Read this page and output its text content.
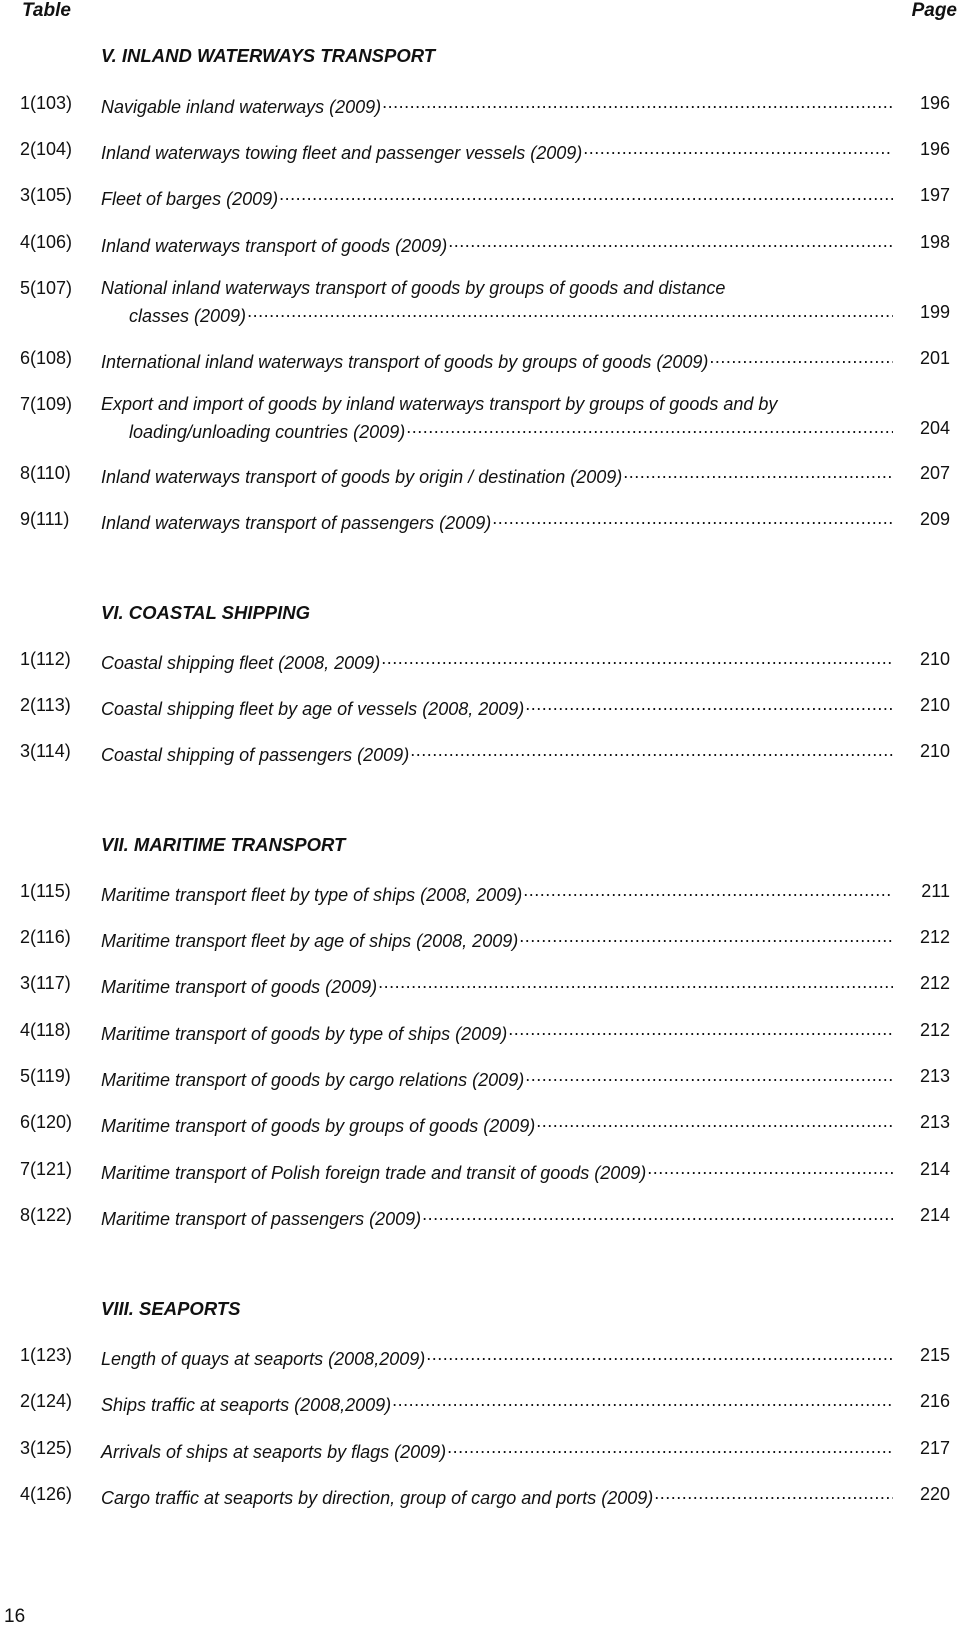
Table	Page
V. INLAND WATERWAYS TRANSPORT
1(103) Navigable inland waterways (2009) .....	196
2(104) Inland waterways towing fleet and passenger vessels (2009) .....	196
3(105) Fleet of barges (2009) .....	197
4(106) Inland waterways transport of goods (2009) .....	198
5(107) National inland waterways transport of goods by groups of goods and distance
classes (2009) .....	199
6(108) International inland waterways transport of goods by groups of goods (2009) .....	201
7(109) Export and import of goods by inland waterways transport by groups of goods and by
loading/unloading countries (2009) .....	204
8(110) Inland waterways transport of goods by origin / destination (2009) .....	207
9(111) Inland waterways transport of passengers (2009) .....	209
VI. COASTAL SHIPPING
1(112) Coastal shipping fleet (2008, 2009) .....	210
2(113) Coastal shipping fleet by age of vessels (2008, 2009) .....	210
3(114) Coastal shipping of passengers (2009) .....	210
VII. MARITIME TRANSPORT
1(115) Maritime transport fleet by type of ships (2008, 2009) .....	211
2(116) Maritime transport fleet by age of ships (2008, 2009) .....	212
3(117) Maritime transport of goods (2009) .....	212
4(118) Maritime transport of goods by type of ships (2009) .....	212
5(119) Maritime transport of goods by cargo relations (2009) .....	213
6(120) Maritime transport of goods by groups of goods (2009) .....	213
7(121) Maritime transport of Polish foreign trade and transit of goods (2009) .....	214
8(122) Maritime transport of passengers (2009) .....	214
VIII. SEAPORTS
1(123) Length of quays at seaports (2008,2009) .....	215
2(124) Ships traffic at seaports (2008,2009) .....	216
3(125) Arrivals of ships at seaports by flags (2009) .....	217
4(126) Cargo traffic at seaports by direction, group of cargo and ports (2009) .....	220
16
